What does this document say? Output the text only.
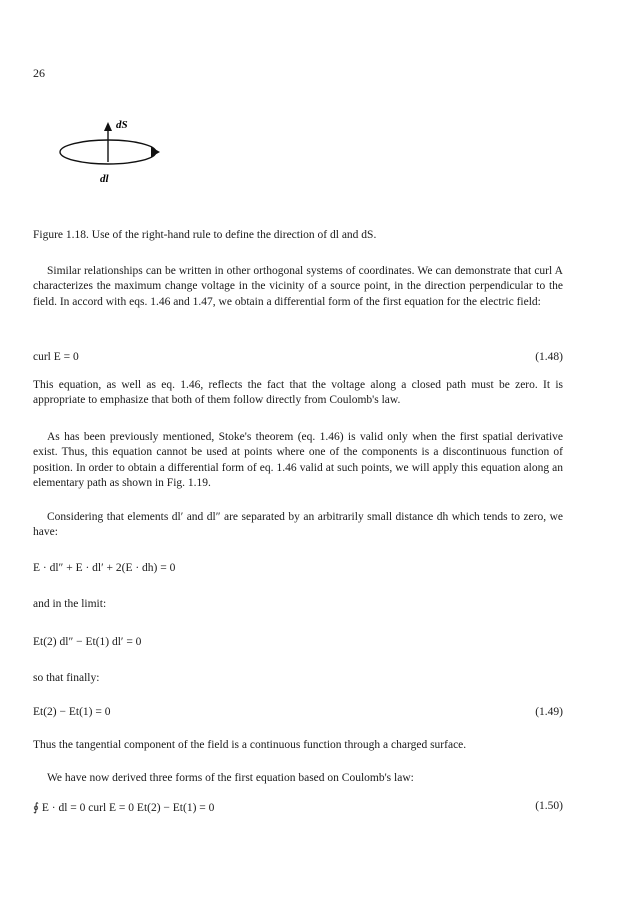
26
dS
dl
Figure 1.18. Use of the right-hand rule to define the direction of dl and dS.
Similar relationships can be written in other orthogonal systems of coordinates. We can demonstrate that curl A characterizes the maximum change voltage in the vicinity of a source point, in the direction perpendicular to the field. In accord with eqs. 1.46 and 1.47, we obtain a differential form of the first equation for the electric field:
curl E = 0	(1.48)
This equation, as well as eq. 1.46, reflects the fact that the voltage along a closed path must be zero. It is appropriate to emphasize that both of them follow directly from Coulomb's law.
As has been previously mentioned, Stoke's theorem (eq. 1.46) is valid only when the first spatial derivative exist. Thus, this equation cannot be used at points where one of the components is a discontinuous function of position. In order to obtain a differential form of eq. 1.46 valid at such points, we will apply this equation along an elementary path as shown in Fig. 1.19.
Considering that elements dl′ and dl″ are separated by an arbitrarily small distance dh which tends to zero, we have:
E · dl″ + E · dl′ + 2(E · dh) = 0
and in the limit:
Et(2) dl″ − Et(1) dl′ = 0
so that finally:
Et(2) − Et(1) = 0	(1.49)
Thus the tangential component of the field is a continuous function through a charged surface.
We have now derived three forms of the first equation based on Coulomb's law:
∮ E · dl = 0 curl E = 0 Et(2) − Et(1) = 0	(1.50)
